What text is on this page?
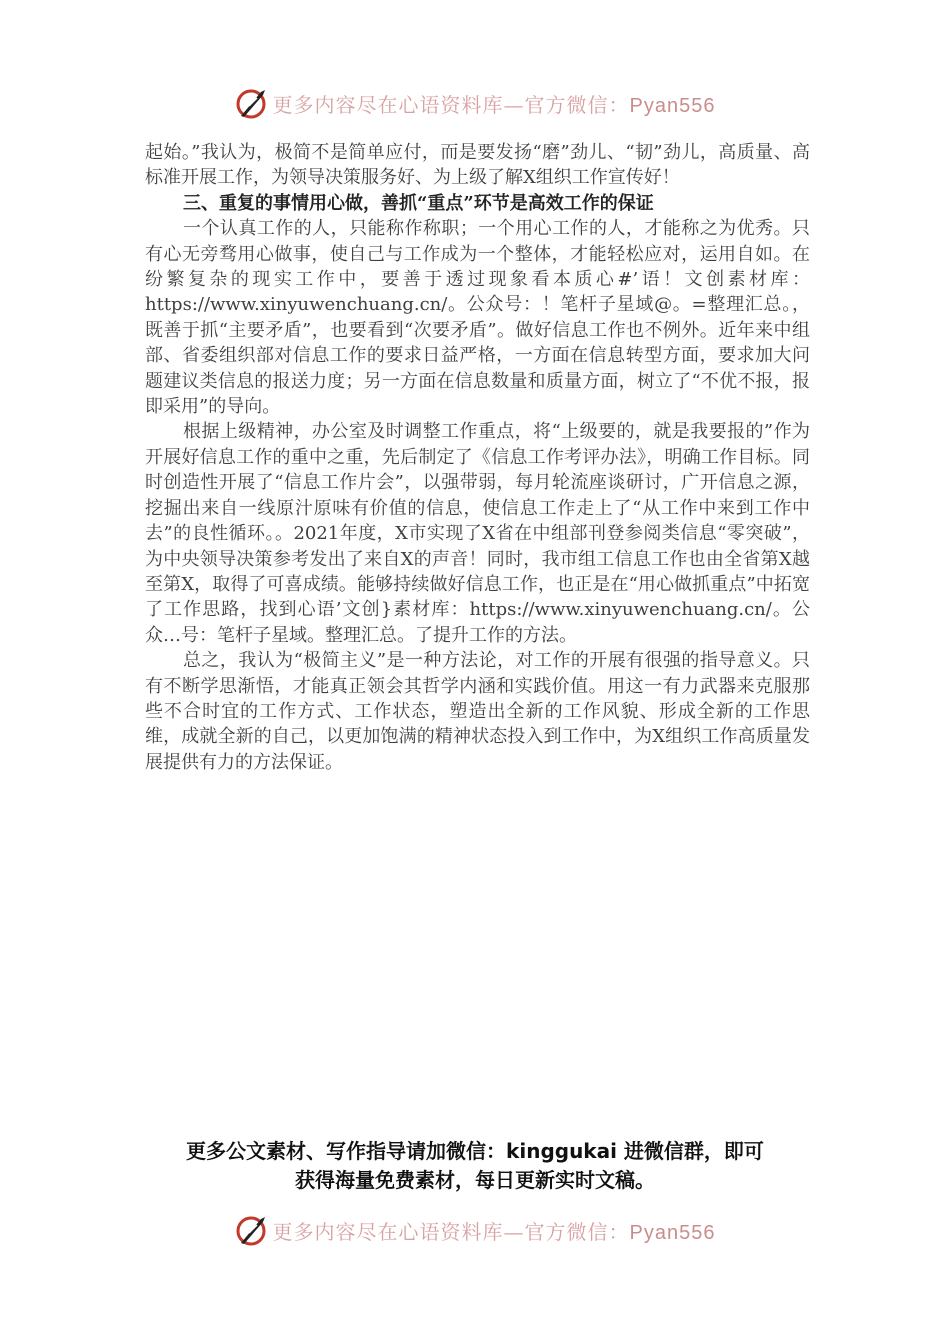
更多内容尽在心语资料库—官方微信：Pyan556

起始。”我认为，极简不是简单应付，而是要发扬“磨”劲儿、“韧”劲儿，高质量、高标准开展工作，为领导决策服务好、为上级了解X组织工作宣传好！

三、重复的事情用心做，善抓“重点”环节是高效工作的保证

一个认真工作的人，只能称作称职；一个用心工作的人，才能称之为优秀。只有心无旁骛用心做事，使自己与工作成为一个整体，才能轻松应对，运用自如。在纷繁复杂的现实工作中，要善于透过现象看本质心#’语！文创素材库：https://www.xinyuwenchuang.cn/。公众号：！笔杆子星域@。=整理汇总。，既善于抓“主要矛盾”，也要看到“次要矛盾”。做好信息工作也不例外。近年来中组部、省委组织部对信息工作的要求日益严格，一方面在信息转型方面，要求加大问题建议类信息的报送力度；另一方面在信息数量和质量方面，树立了“不优不报，报即采用”的导向。

根据上级精神，办公室及时调整工作重点，将“上级要的，就是我要报的”作为开展好信息工作的重中之重，先后制定了《信息工作考评办法》，明确工作目标。同时创造性开展了“信息工作片会”，以强带弱，每月轮流座谈研讨，广开信息之源，挖掘出来自一线原汁原味有价值的信息，使信息工作走上了“从工作中来到工作中去”的良性循环。。2021年度，X市实现了X省在中组部刊登参阅类信息“零突破”，为中央领导决策参考发出了来自X的声音！同时，我市组工信息工作也由全省第X越至第X，取得了可喜成绩。能够持续做好信息工作，也正是在“用心做抓重点”中拓宽了工作思路，找到心语’文创}素材库：https://www.xinyuwenchuang.cn/。公众…号：笔杆子星域。整理汇总。了提升工作的方法。

总之，我认为“极简主义”是一种方法论，对工作的开展有很强的指导意义。只有不断学思渐悟，才能真正领会其哲学内涵和实践价值。用这一有力武器来克服那些不合时宜的工作方式、工作状态，塑造出全新的工作风貌、形成全新的工作思维，成就全新的自己，以更加饱满的精神状态投入到工作中，为X组织工作高质量发展提供有力的方法保证。

更多公文素材、写作指导请加微信：kinggukai 进微信群，即可
获得海量免费素材，每日更新实时文稿。
更多内容尽在心语资料库—官方微信：Pyan556
